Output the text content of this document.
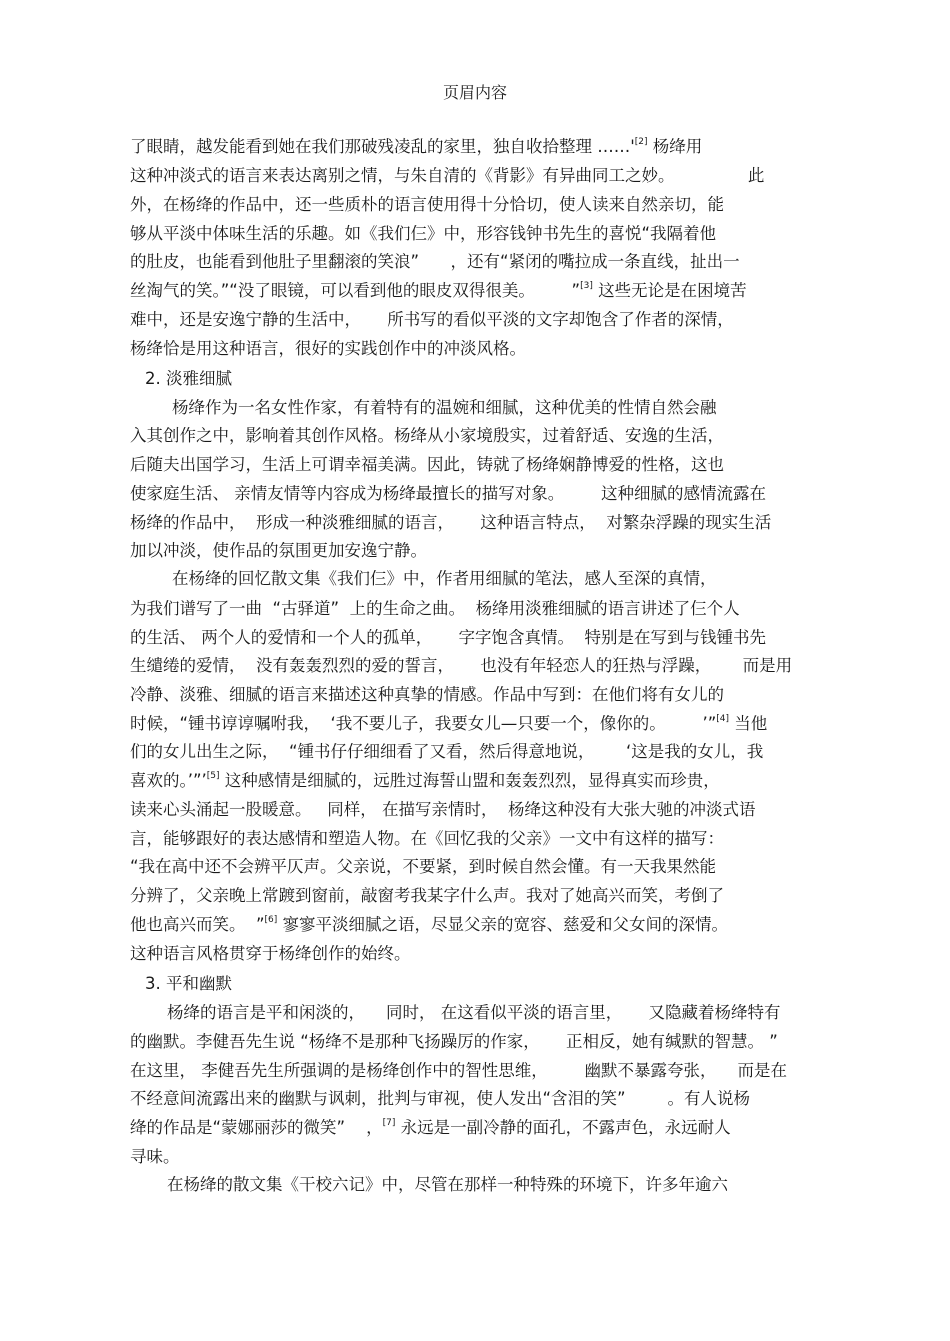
页眉内容
了眼睛，越发能看到她在我们那破残凌乱的家里，独自收拾整理 ……'[2] 杨绛用
这种冲淡式的语言来表达离别之情，与朱自清的《背影》有异曲同工之妙。              此
外，在杨绛的作品中，还一些质朴的语言使用得十分恰切，使人读来自然亲切，能
够从平淡中体味生活的乐趣。如《我们仨》中，形容钱钟书先生的喜悦“我隔着他
的肚皮，也能看到他肚子里翻滚的笑浪”      ，还有“紧闭的嘴拉成一条直线，扯出一
丝淘气的笑。”“没了眼镜，可以看到他的眼皮双得很美。       ”[3] 这些无论是在困境苦
难中，还是安逸宁静的生活中，     所书写的看似平淡的文字却饱含了作者的深情，
杨绛恰是用这种语言，很好的实践创作中的冲淡风格。
2. 淡雅细腻
杨绛作为一名女性作家，有着特有的温婉和细腻，这种优美的性情自然会融
入其创作之中，影响着其创作风格。杨绛从小家境殷实，过着舒适、安逸的生活，
后随夫出国学习，生活上可谓幸福美满。因此，铸就了杨绛娴静博爱的性格，这也
使家庭生活、 亲情友情等内容成为杨绛最擅长的描写对象。       这种细腻的感情流露在
杨绛的作品中，  形成一种淡雅细腻的语言，     这种语言特点，  对繁杂浮躁的现实生活
加以冲淡，使作品的氛围更加安逸宁静。
在杨绛的回忆散文集《我们仨》中，作者用细腻的笔法，感人至深的真情，
为我们谱写了一曲  “古驿道”  上的生命之曲。  杨绛用淡雅细腻的语言讲述了仨个人
的生活、 两个人的爱情和一个人的孤单，     字字饱含真情。  特别是在写到与钱锺书先
生缱绻的爱情，  没有轰轰烈烈的爱的誓言，     也没有年轻恋人的狂热与浮躁，      而是用
冷静、淡雅、细腻的语言来描述这种真挚的情感。作品中写到：在他们将有女儿的
时候，“锺书谆谆嘱咐我，  ‘我不要儿子，我要女儿—只要一个，像你的。       ’”[4] 当他
们的女儿出生之际，  “锺书仔仔细细看了又看，然后得意地说，      ‘这是我的女儿，我
喜欢的。’”’[5] 这种感情是细腻的，远胜过海誓山盟和轰轰烈烈，显得真实而珍贵，
读来心头涌起一股暖意。   同样， 在描写亲情时，  杨绛这种没有大张大驰的冲淡式语
言，能够跟好的表达感情和塑造人物。在《回忆我的父亲》一文中有这样的描写：
“我在高中还不会辨平仄声。父亲说，不要紧，到时候自然会懂。有一天我果然能
分辨了，父亲晚上常踱到窗前，敲窗考我某字什么声。我对了她高兴而笑，考倒了
他也高兴而笑。  ”[6] 寥寥平淡细腻之语，尽显父亲的宽容、慈爱和父女间的深情。
这种语言风格贯穿于杨绛创作的始终。
3. 平和幽默
杨绛的语言是平和闲淡的，    同时， 在这看似平淡的语言里，     又隐藏着杨绛特有
的幽默。李健吾先生说 “杨绛不是那种飞扬躁厉的作家，     正相反，她有缄默的智慧。 ”
在这里， 李健吾先生所强调的是杨绛创作中的智性思维，       幽默不暴露夸张，    而是在
不经意间流露出来的幽默与讽刺，批判与审视，使人发出“含泪的笑”        。有人说杨
绛的作品是“蒙娜丽莎的微笑”    ，[7] 永远是一副冷静的面孔，不露声色，永远耐人
寻味。
在杨绛的散文集《干校六记》中，尽管在那样一种特殊的环境下，许多年逾六
